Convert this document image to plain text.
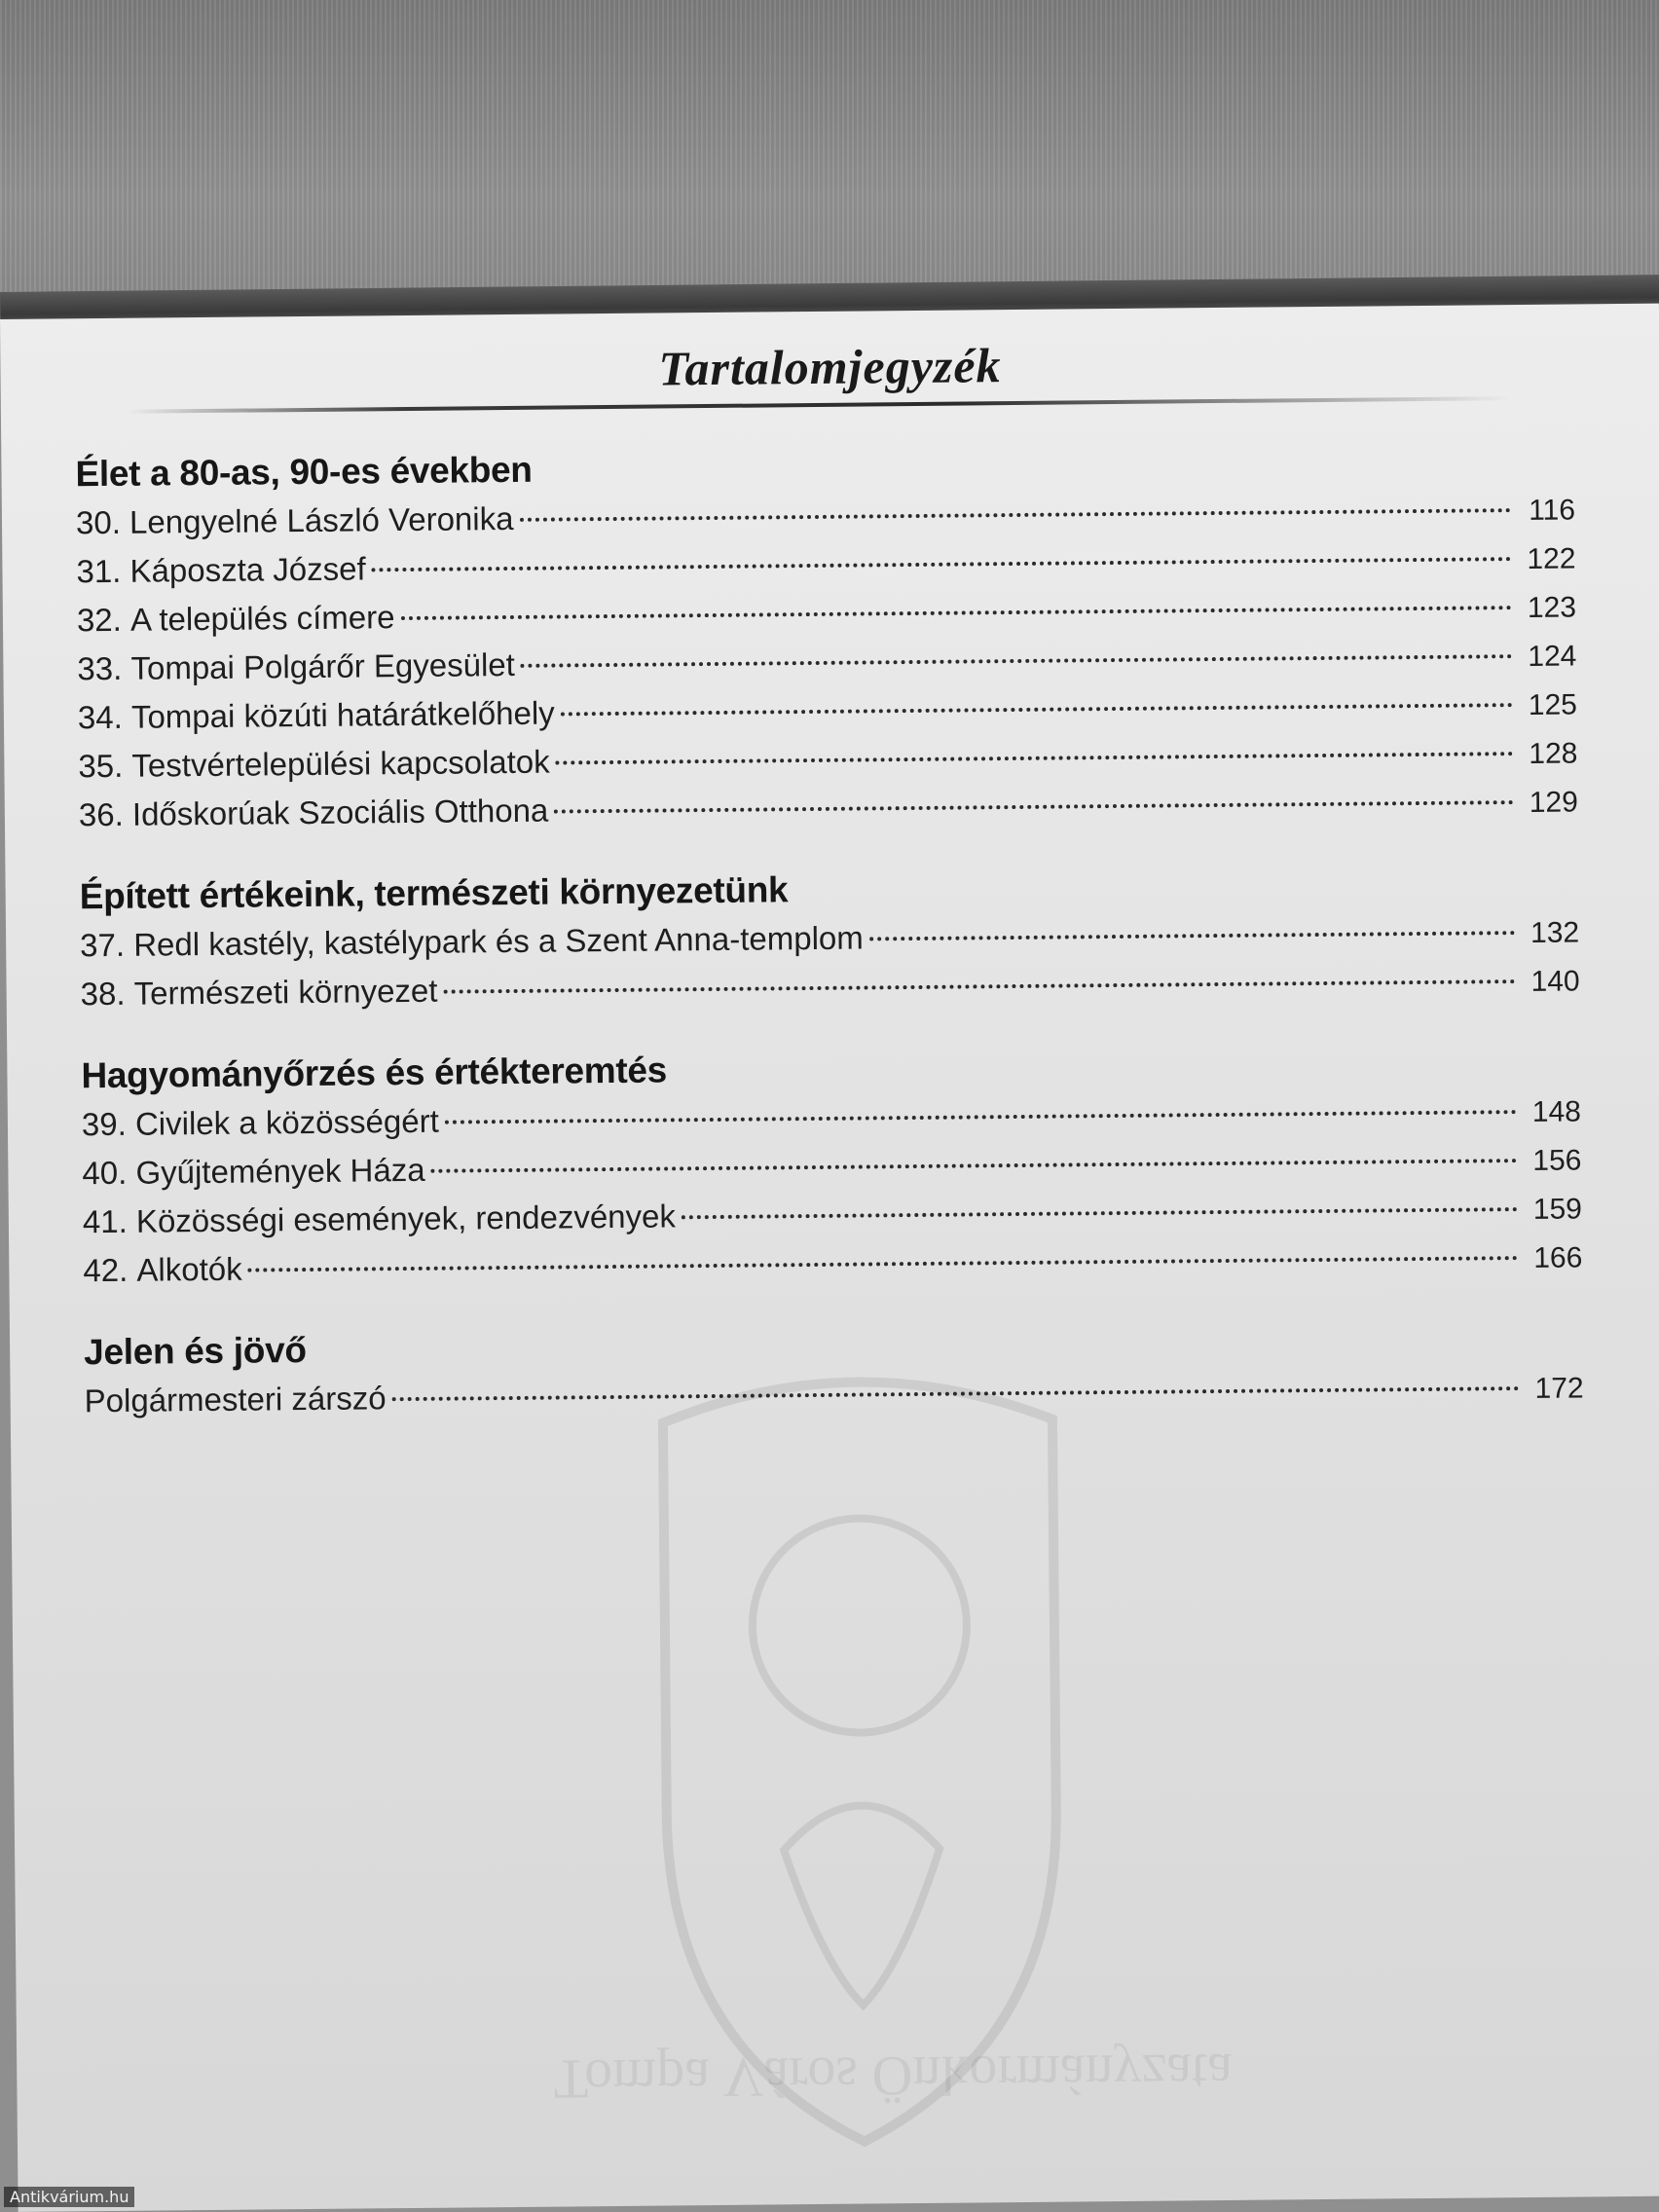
Tompa Város Önkormányzata
Tartalomjegyzék
Élet a 80-as, 90-es években
30. Lengyelné László Veronika	116
31. Káposzta József	122
32. A település címere	123
33. Tompai Polgárőr Egyesület	124
34. Tompai közúti határátkelőhely	125
35. Testvértelepülési kapcsolatok	128
36. Időskorúak Szociális Otthona	129
Épített értékeink, természeti környezetünk
37. Redl kastély, kastélypark és a Szent Anna-templom	132
38. Természeti környezet	140
Hagyományőrzés és értékteremtés
39. Civilek a közösségért	148
40. Gyűjtemények Háza	156
41. Közösségi események, rendezvények	159
42. Alkotók	166
Jelen és jövő
Polgármesteri zárszó	172
Antikvárium.hu
